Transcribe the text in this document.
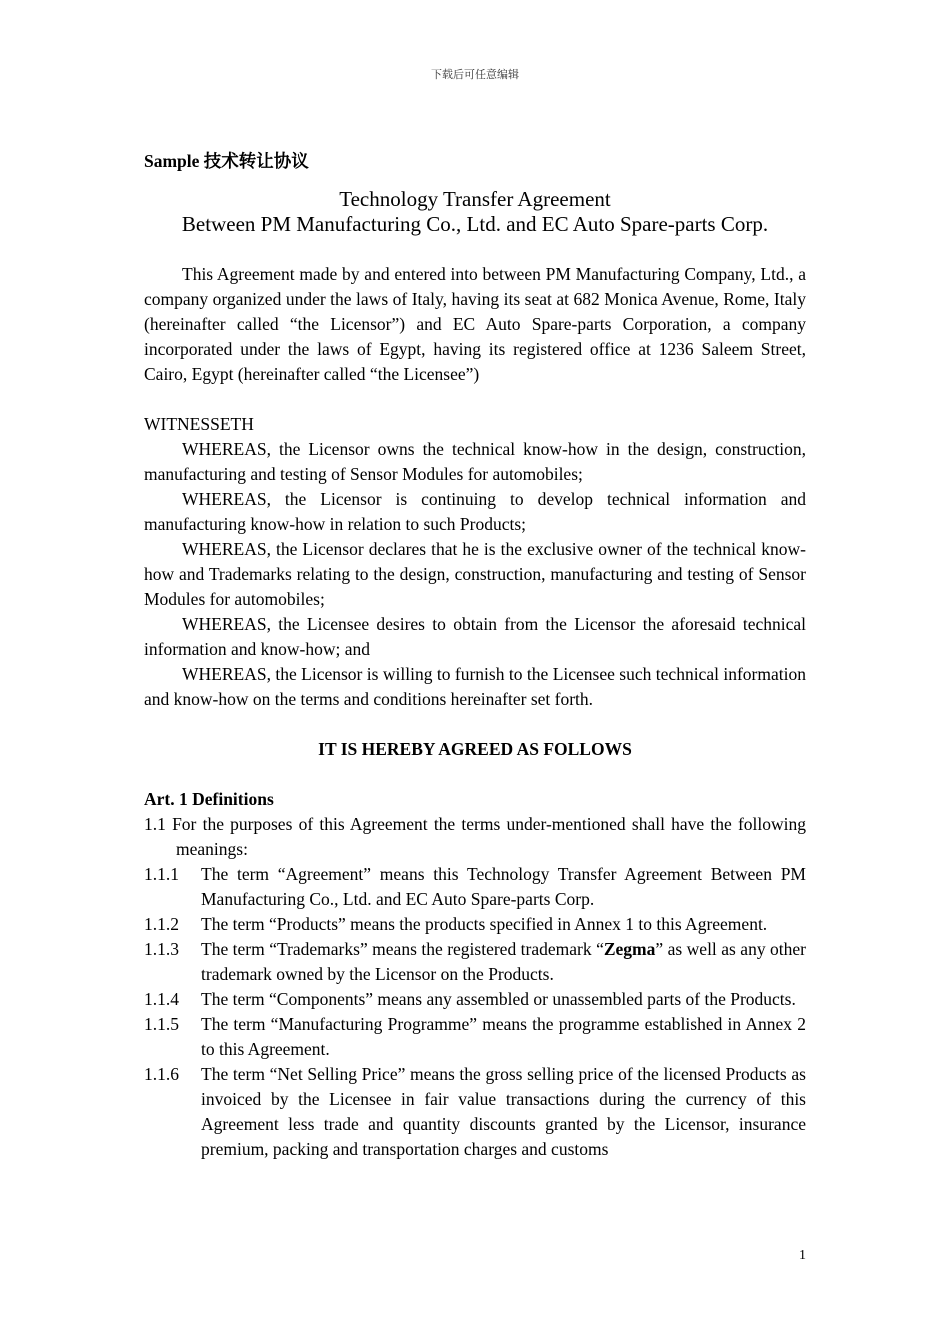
下载后可任意编辑

Sample 技术转让协议

Technology Transfer Agreement

Between PM Manufacturing Co., Ltd. and EC Auto Spare-parts Corp.

This Agreement made by and entered into between PM Manufacturing Company, Ltd., a company organized under the laws of Italy, having its seat at 682 Monica Avenue, Rome, Italy (hereinafter called “the Licensor”) and EC Auto Spare-parts Corporation, a company incorporated under the laws of Egypt, having its registered office at 1236 Saleem Street, Cairo, Egypt (hereinafter called “the Licensee”)

WITNESSETH

WHEREAS, the Licensor owns the technical know-how in the design, construction, manufacturing and testing of Sensor Modules for automobiles;

WHEREAS, the Licensor is continuing to develop technical information and manufacturing know-how in relation to such Products;

WHEREAS, the Licensor declares that he is the exclusive owner of the technical know-how and Trademarks relating to the design, construction, manufacturing and testing of Sensor Modules for automobiles;

WHEREAS, the Licensee desires to obtain from the Licensor the aforesaid technical information and know-how; and

WHEREAS, the Licensor is willing to furnish to the Licensee such technical information and know-how on the terms and conditions hereinafter set forth.

IT IS HEREBY AGREED AS FOLLOWS

Art. 1 Definitions

1.1 For the purposes of this Agreement the terms under-mentioned shall have the following meanings:

1.1.1	The term “Agreement” means this Technology Transfer Agreement Between PM Manufacturing Co., Ltd. and EC Auto Spare-parts Corp.
1.1.2	The term “Products” means the products specified in Annex 1 to this Agreement.
1.1.3	The term “Trademarks” means the registered trademark “Zegma” as well as any other trademark owned by the Licensor on the Products.
1.1.4	The term “Components” means any assembled or unassembled parts of the Products.
1.1.5	The term “Manufacturing Programme” means the programme established in Annex 2 to this Agreement.
1.1.6	The term “Net Selling Price” means the gross selling price of the licensed Products as invoiced by the Licensee in fair value transactions during the currency of this Agreement less trade and quantity discounts granted by the Licensor, insurance premium, packing and transportation charges and customs
1
